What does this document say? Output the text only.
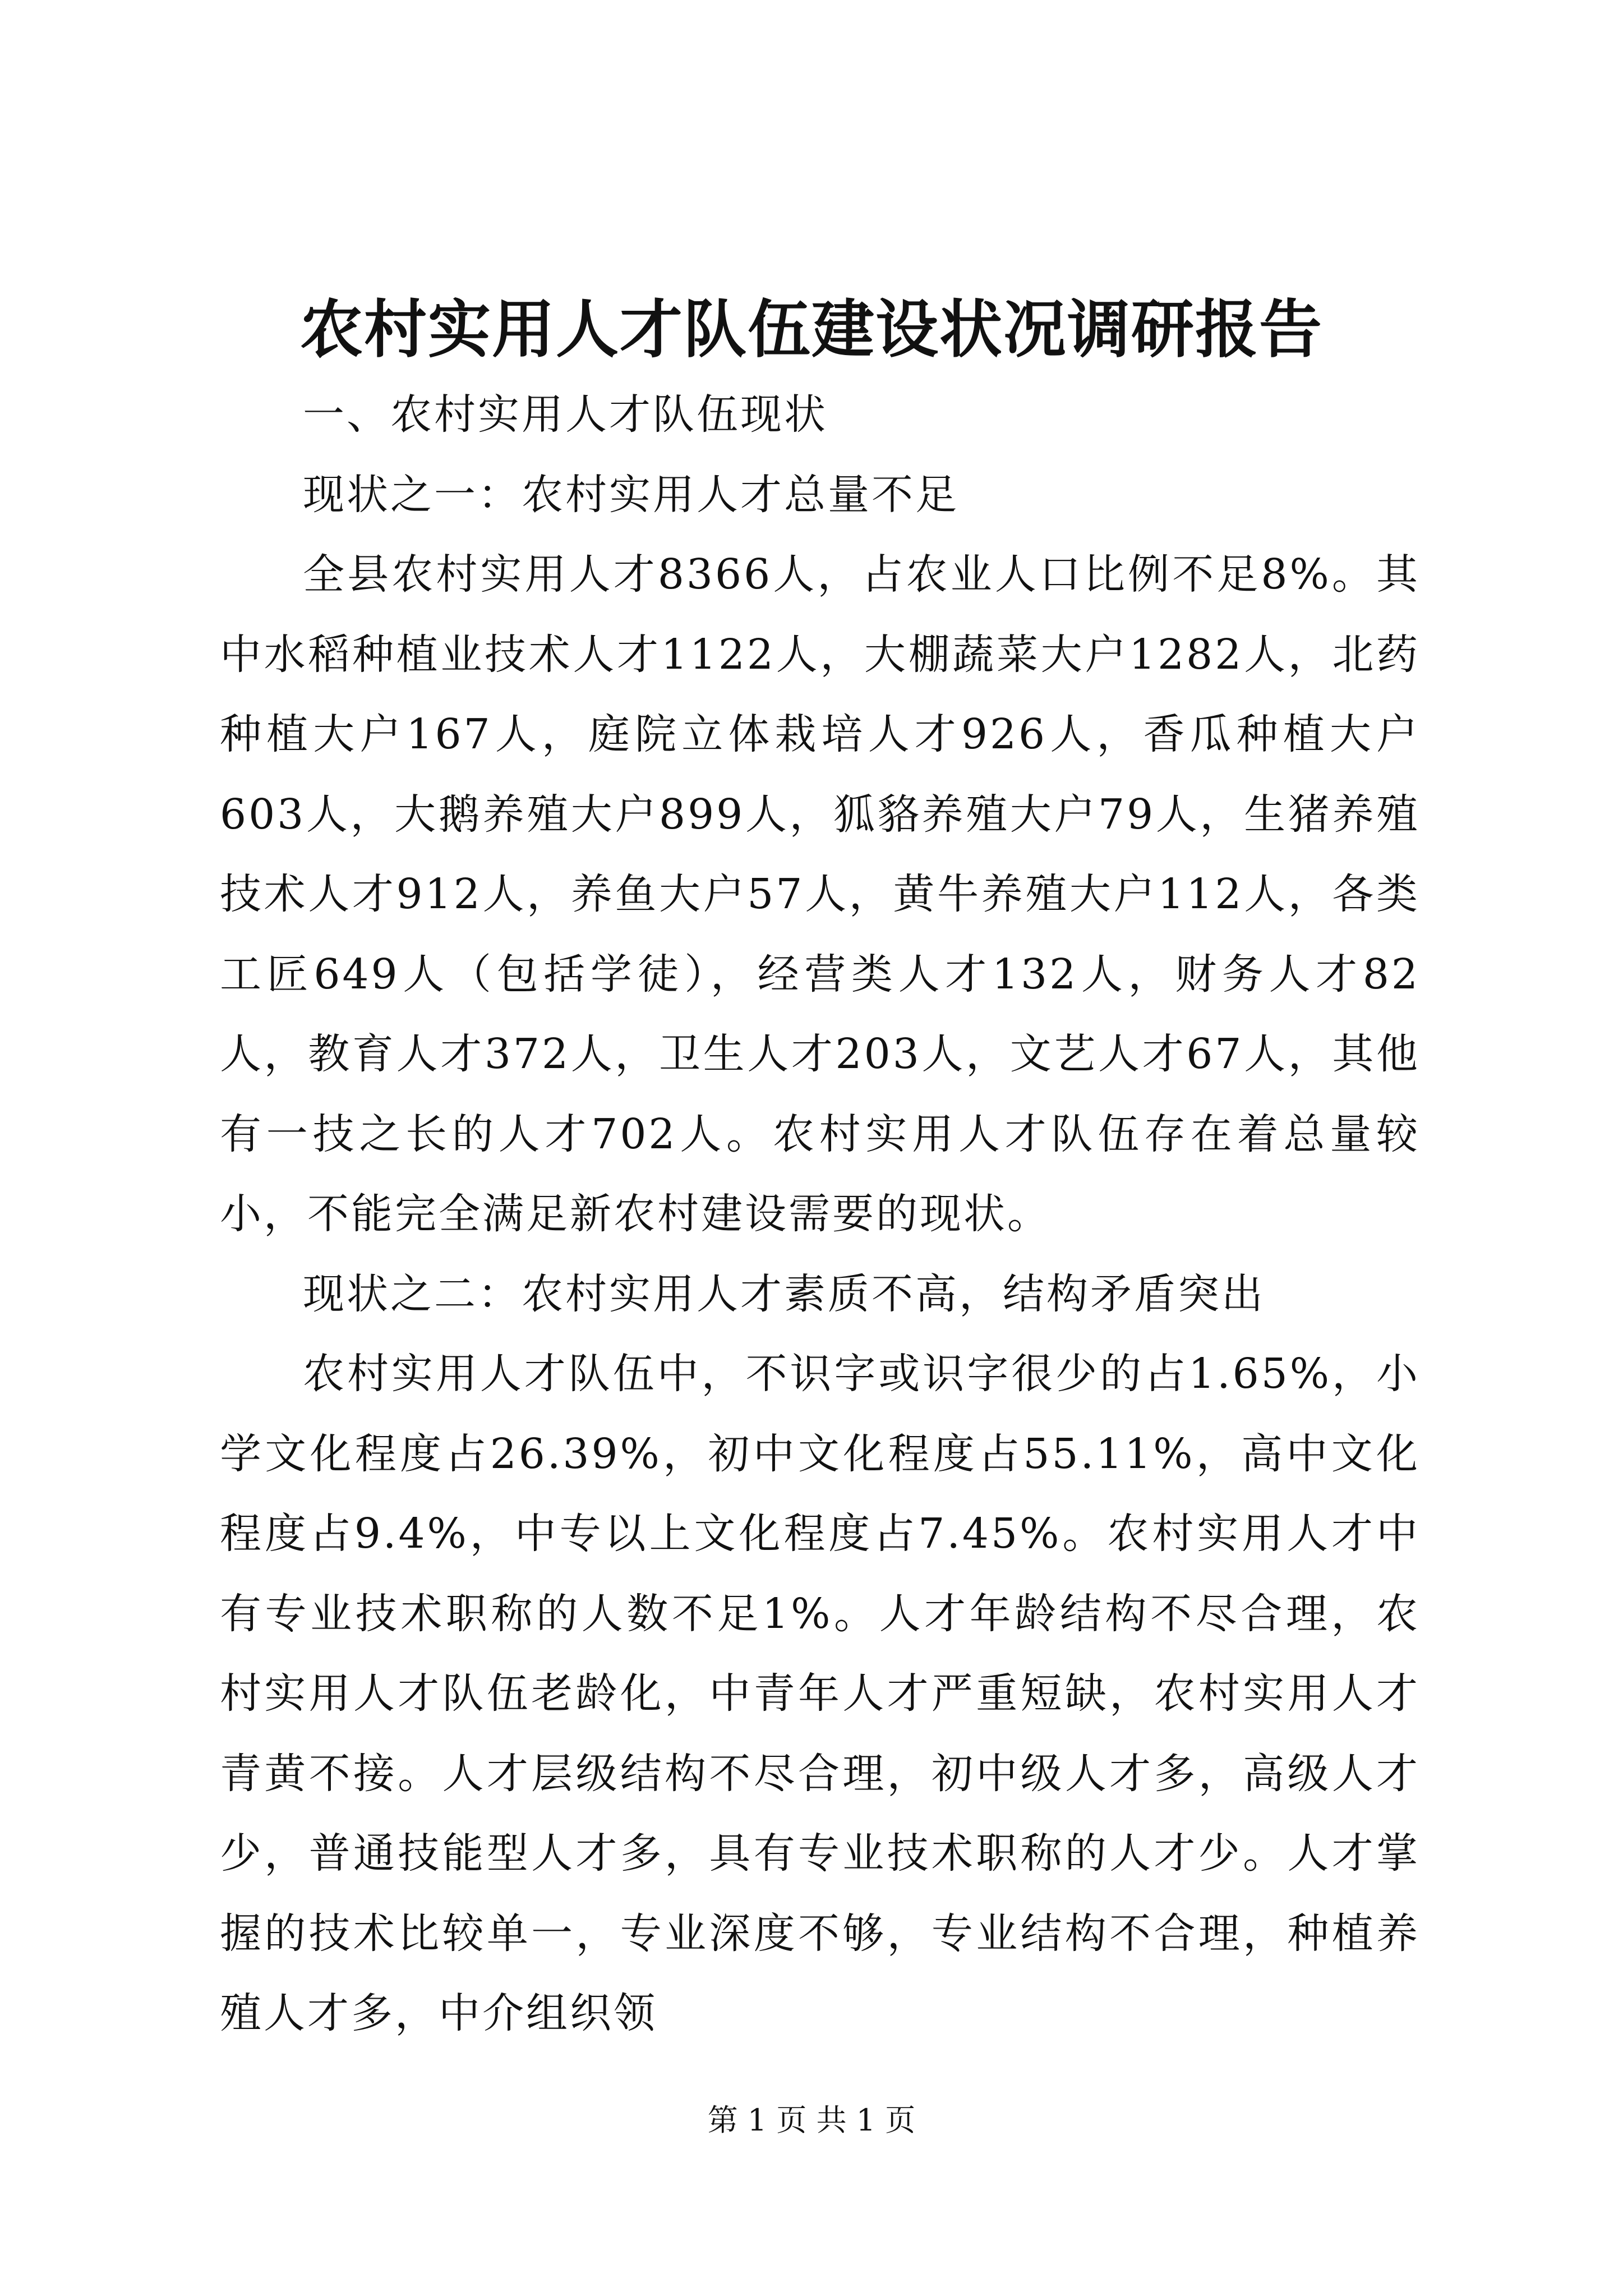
农村实用人才队伍建设状况调研报告

一、农村实用人才队伍现状

现状之一：农村实用人才总量不足

全县农村实用人才8366人，占农业人口比例不足8%。其中水稻种植业技术人才1122人，大棚蔬菜大户1282人，北药种植大户167人，庭院立体栽培人才926人，香瓜种植大户603人，大鹅养殖大户899人，狐貉养殖大户79人，生猪养殖技术人才912人，养鱼大户57人，黄牛养殖大户112人，各类工匠649人（包括学徒），经营类人才132人，财务人才82人，教育人才372人，卫生人才203人，文艺人才67人，其他有一技之长的人才702人。农村实用人才队伍存在着总量较小，不能完全满足新农村建设需要的现状。

现状之二：农村实用人才素质不高，结构矛盾突出

农村实用人才队伍中，不识字或识字很少的占1.65%，小学文化程度占26.39%，初中文化程度占55.11%，高中文化程度占9.4%，中专以上文化程度占7.45%。农村实用人才中有专业技术职称的人数不足1%。人才年龄结构不尽合理，农村实用人才队伍老龄化，中青年人才严重短缺，农村实用人才青黄不接。人才层级结构不尽合理，初中级人才多，高级人才少，普通技能型人才多，具有专业技术职称的人才少。人才掌握的技术比较单一，专业深度不够，专业结构不合理，种植养殖人才多，中介组织领

第 1 页 共 1 页
